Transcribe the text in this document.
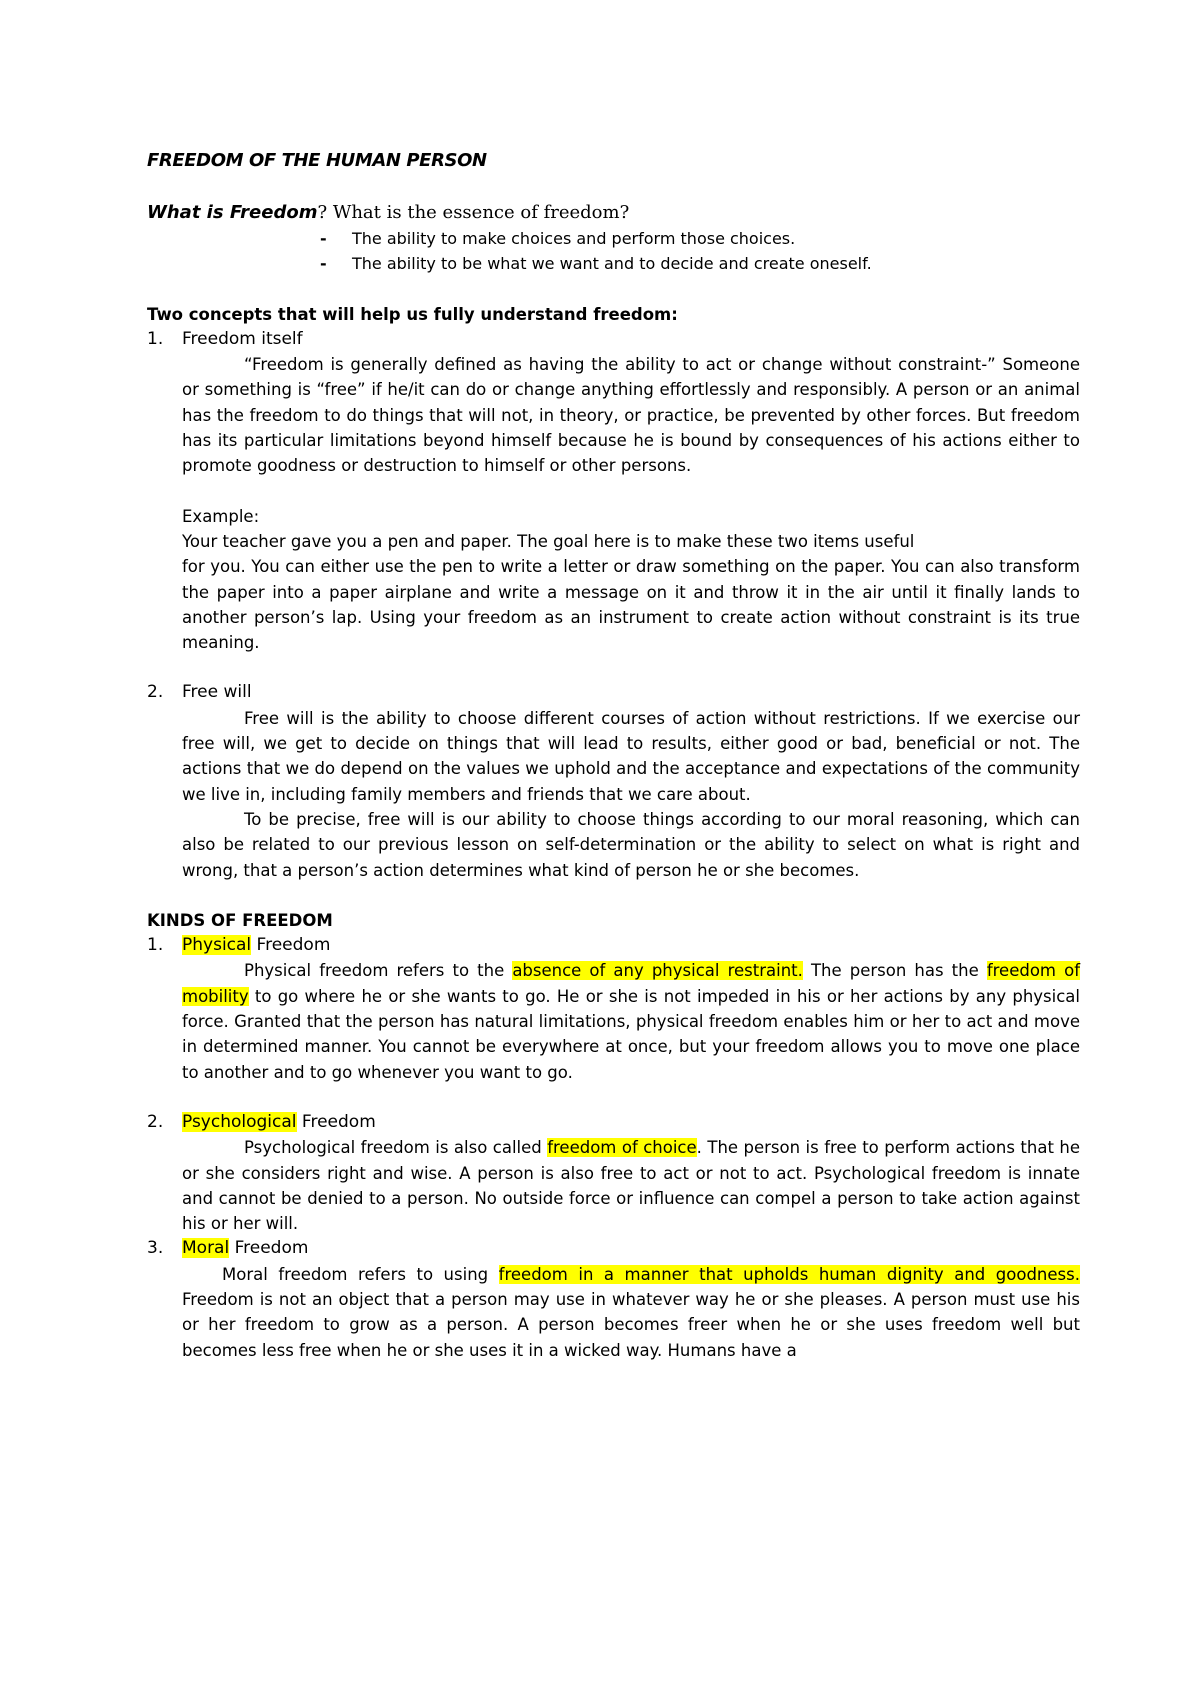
FREEDOM OF THE HUMAN PERSON

What is Freedom? What is the essence of freedom?

- The ability to make choices and perform those choices.
- The ability to be what we want and to decide and create oneself.

Two concepts that will help us fully understand freedom:

1. Freedom itself

“Freedom is generally defined as having the ability to act or change without constraint-” Someone or something is “free” if he/it can do or change anything effortlessly and responsibly. A person or an animal has the freedom to do things that will not, in theory, or practice, be prevented by other forces. But freedom has its particular limitations beyond himself because he is bound by consequences of his actions either to promote goodness or destruction to himself or other persons.

Example:

Your teacher gave you a pen and paper. The goal here is to make these two items useful

for you. You can either use the pen to write a letter or draw something on the paper. You can also transform the paper into a paper airplane and write a message on it and throw it in the air until it finally lands to another person’s lap. Using your freedom as an instrument to create action without constraint is its true meaning.

2. Free will

Free will is the ability to choose different courses of action without restrictions. If we exercise our free will, we get to decide on things that will lead to results, either good or bad, beneficial or not. The actions that we do depend on the values we uphold and the acceptance and expectations of the community we live in, including family members and friends that we care about.

To be precise, free will is our ability to choose things according to our moral reasoning, which can also be related to our previous lesson on self-determination or the ability to select on what is right and wrong, that a person’s action determines what kind of person he or she becomes.

KINDS OF FREEDOM

1. Physical Freedom

Physical freedom refers to the absence of any physical restraint. The person has the freedom of mobility to go where he or she wants to go. He or she is not impeded in his or her actions by any physical force. Granted that the person has natural limitations, physical freedom enables him or her to act and move in determined manner. You cannot be everywhere at once, but your freedom allows you to move one place to another and to go whenever you want to go.

2. Psychological Freedom

Psychological freedom is also called freedom of choice. The person is free to perform actions that he or she considers right and wise. A person is also free to act or not to act. Psychological freedom is innate and cannot be denied to a person. No outside force or influence can compel a person to take action against his or her will.

3. Moral Freedom

Moral freedom refers to using freedom in a manner that upholds human dignity and goodness. Freedom is not an object that a person may use in whatever way he or she pleases. A person must use his or her freedom to grow as a person. A person becomes freer when he or she uses freedom well but becomes less free when he or she uses it in a wicked way. Humans have a
